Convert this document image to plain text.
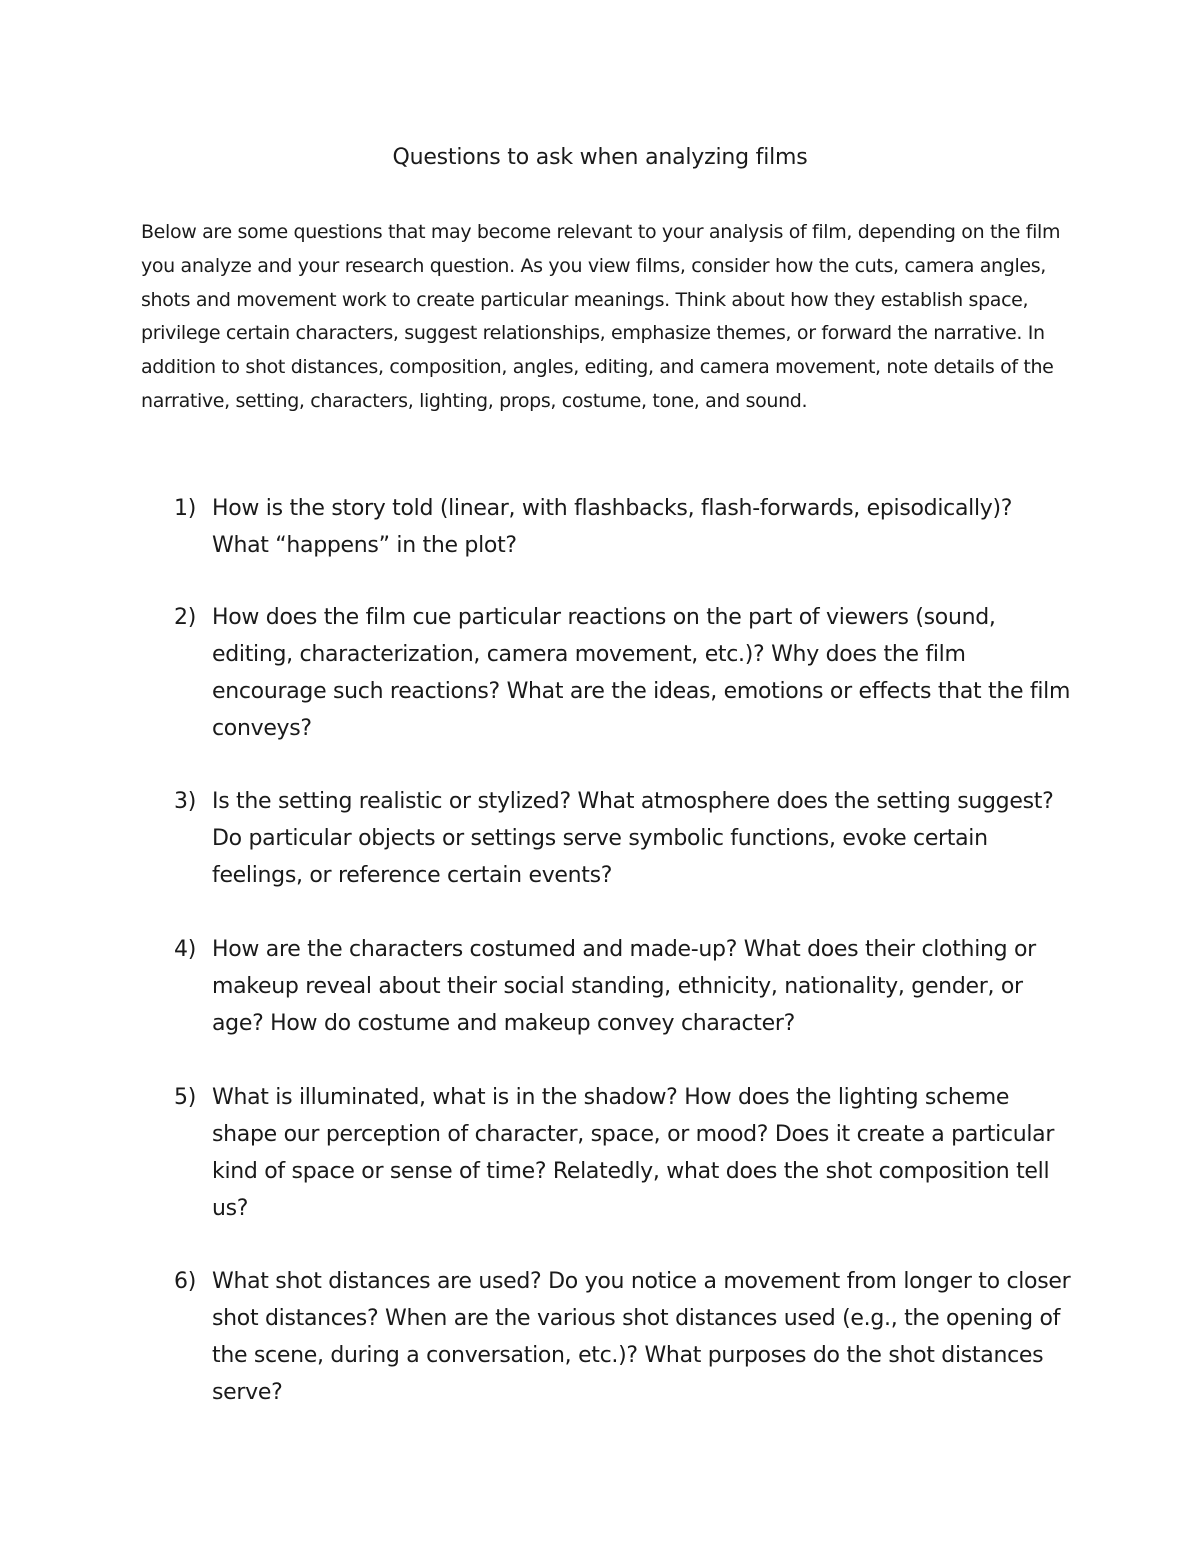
Questions to ask when analyzing films

Below are some questions that may become relevant to your analysis of film, depending on the film you analyze and your research question. As you view films, consider how the cuts, camera angles, shots and movement work to create particular meanings. Think about how they establish space, privilege certain characters, suggest relationships, emphasize themes, or forward the narrative. In addition to shot distances, composition, angles, editing, and camera movement, note details of the narrative, setting, characters, lighting, props, costume, tone, and sound.

1) How is the story told (linear, with flashbacks, flash-forwards, episodically)? What “happens” in the plot?
2) How does the film cue particular reactions on the part of viewers (sound, editing, characterization, camera movement, etc.)? Why does the film encourage such reactions? What are the ideas, emotions or effects that the film conveys?
3) Is the setting realistic or stylized? What atmosphere does the setting suggest? Do particular objects or settings serve symbolic functions, evoke certain feelings, or reference certain events?
4) How are the characters costumed and made-up? What does their clothing or makeup reveal about their social standing, ethnicity, nationality, gender, or age? How do costume and makeup convey character?
5) What is illuminated, what is in the shadow? How does the lighting scheme shape our perception of character, space, or mood? Does it create a particular kind of space or sense of time? Relatedly, what does the shot composition tell us?
6) What shot distances are used? Do you notice a movement from longer to closer shot distances? When are the various shot distances used (e.g., the opening of the scene, during a conversation, etc.)? What purposes do the shot distances serve?
